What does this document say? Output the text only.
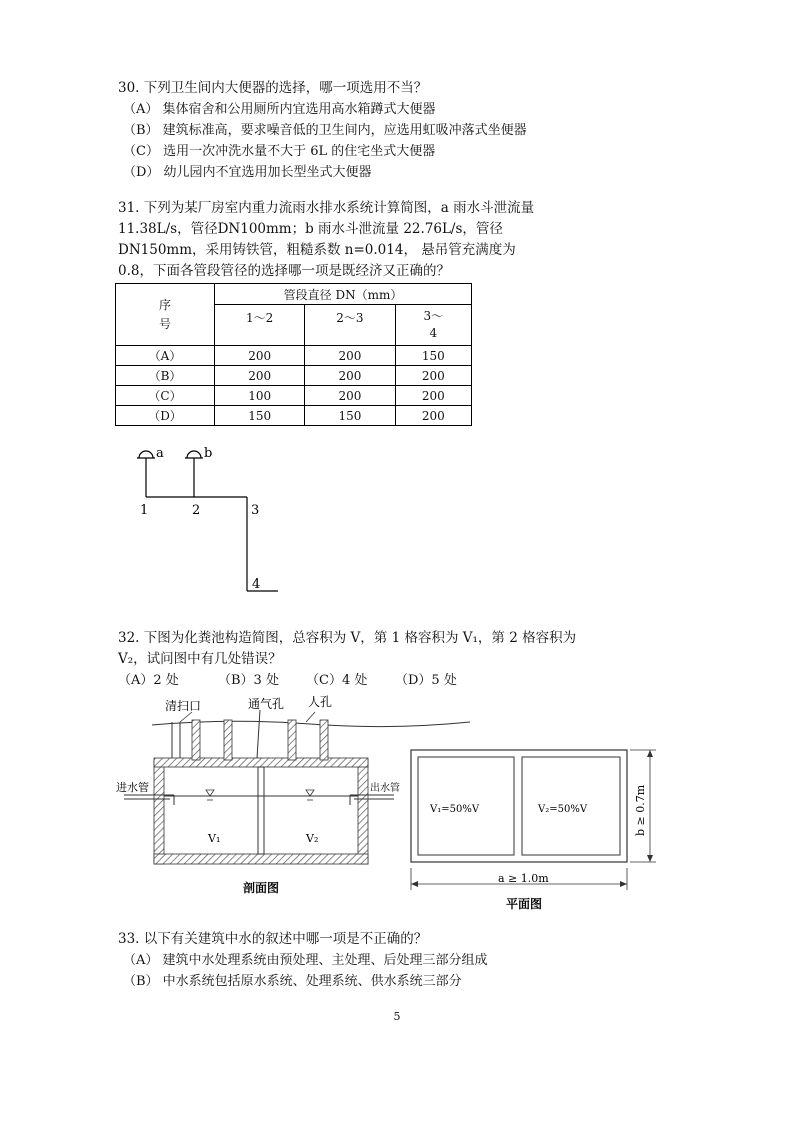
30. 下列卫生间内大便器的选择，哪一项选用不当？
（A） 集体宿舍和公用厕所内宜选用高水箱蹲式大便器
（B） 建筑标准高，要求噪音低的卫生间内，应选用虹吸冲落式坐便器
（C） 选用一次冲洗水量不大于 6L 的住宅坐式大便器
（D） 幼儿园内不宜选用加长型坐式大便器
31. 下列为某厂房室内重力流雨水排水系统计算简图，a 雨水斗泄流量
11.38L/s，管径DN100mm；b 雨水斗泄流量 22.76L/s，管径
DN150mm，采用铸铁管，粗糙系数 n=0.014， 悬吊管充满度为
0.8，下面各管段管径的选择哪一项是既经济又正确的？
序
号	管段直径 DN（mm）		
	1～2	2～3	3～
4

（A）	200	200	150
（B）	200	200	200
（C）	100	200	200
（D）	150	150	200
a	b
1	2	3
4
32. 下图为化粪池构造简图，总容积为 V，第 1 格容积为 V₁，第 2 格容积为
V₂，试问图中有几处错误？
（A）2 处	（B）3 处 （C）4 处 （D）5 处
清扫口	通气孔 人孔
进水管	出水管
V₁	V₂
剖面图
V₁=50%V	V₂=50%V
a ≥ 1.0m
b ≥ 0.7m
平面图
33. 以下有关建筑中水的叙述中哪一项是不正确的？
（A） 建筑中水处理系统由预处理、主处理、后处理三部分组成
（B） 中水系统包括原水系统、处理系统、供水系统三部分
5
